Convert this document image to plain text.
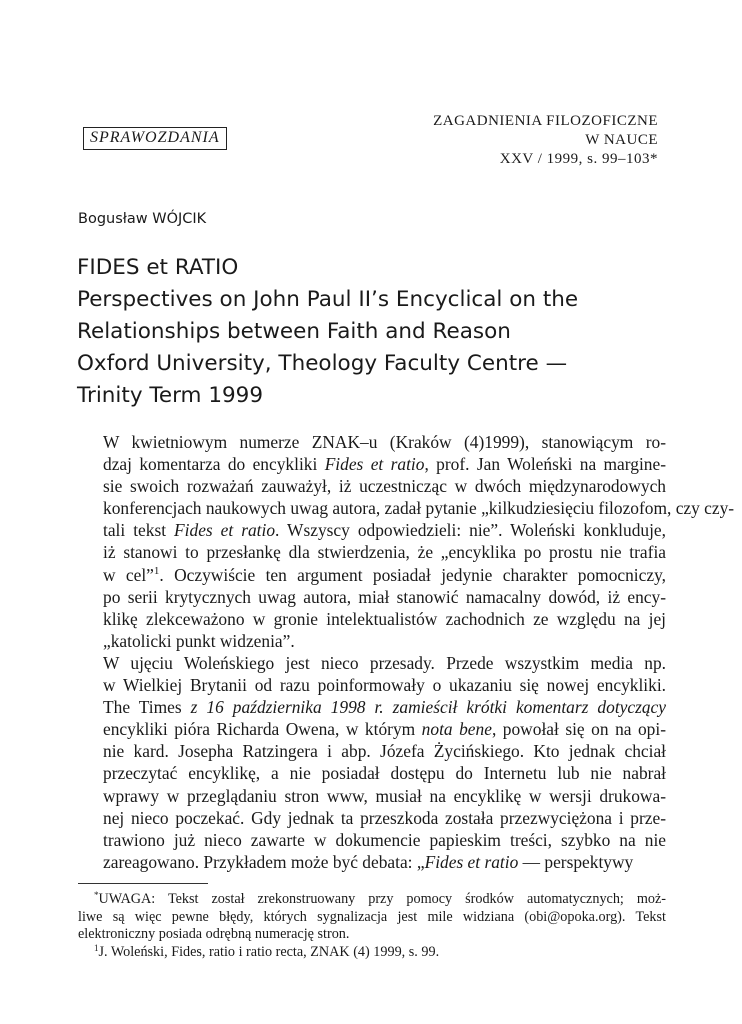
SPRAWOZDANIA
ZAGADNIENIA FILOZOFICZNE
W NAUCE
XXV / 1999, s. 99–103*
Bogusław WÓJCIK
FIDES et RATIO
Perspectives on John Paul II’s Encyclical on the
Relationships between Faith and Reason
Oxford University, Theology Faculty Centre —
Trinity Term 1999

W kwietniowym numerze ZNAK–u (Kraków (4)1999), stanowiącym ro-
dzaj komentarza do encykliki Fides et ratio, prof. Jan Woleński na margine-
sie swoich rozważań zauważył, iż uczestnicząc w dwóch międzynarodowych
konferencjach naukowych uwag autora, zadał pytanie „kilkudziesięciu filozofom, czy czy-
tali tekst Fides et ratio. Wszyscy odpowiedzieli: nie”. Woleński konkluduje,
iż stanowi to przesłankę dla stwierdzenia, że „encyklika po prostu nie trafia
w cel”$^1$. Oczywiście ten argument posiadał jedynie charakter pomocniczy,
po serii krytycznych uwag autora, miał stanowić namacalny dowód, iż ency-
klikę zlekceważono w gronie intelektualistów zachodnich ze względu na jej
„katolicki punkt widzenia”.

W ujęciu Woleńskiego jest nieco przesady. Przede wszystkim media np.
w Wielkiej Brytanii od razu poinformowały o ukazaniu się nowej encykliki.
The Times z 16 października 1998 r. zamieścił krótki komentarz dotyczący
encykliki pióra Richarda Owena, w którym nota bene, powołał się on na opi-
nie kard. Josepha Ratzingera i abp. Józefa Życińskiego. Kto jednak chciał
przeczytać encyklikę, a nie posiadał dostępu do Internetu lub nie nabrał
wprawy w przeglądaniu stron www, musiał na encyklikę w wersji drukowa-
nej nieco poczekać. Gdy jednak ta przeszkoda została przezwyciężona i prze-
trawiono już nieco zawarte w dokumencie papieskim treści, szybko na nie
zareagowano. Przykładem może być debata: „Fides et ratio — perspektywy

*UWAGA: Tekst został zrekonstruowany przy pomocy środków automatycznych; moż-
liwe są więc pewne błędy, których sygnalizacja jest mile widziana (obi@opoka.org). Tekst
elektroniczny posiada odrębną numerację stron.
$^1$J. Woleński, Fides, ratio i ratio recta, ZNAK (4) 1999, s. 99.
